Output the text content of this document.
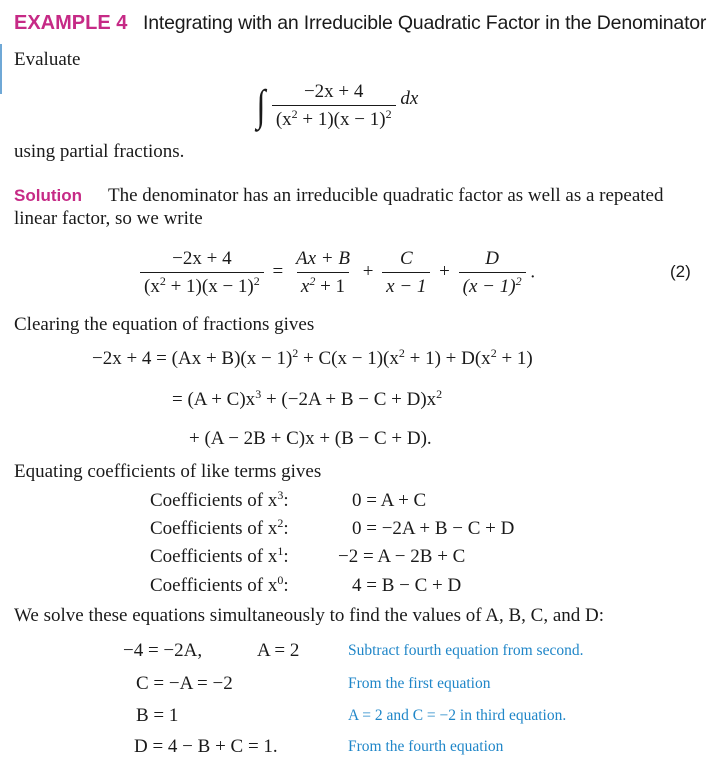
EXAMPLE 4 Integrating with an Irreducible Quadratic Factor in the Denominator
Evaluate
∫ $\frac{-2x + 4}{(x^2 + 1)(x - 1)^2}$ dx
using partial fractions.
Solution The denominator has an irreducible quadratic factor as well as a repeated
linear factor, so we write
$\frac{-2x + 4}{(x^2 + 1)(x - 1)^2} = \frac{Ax + B}{x^2 + 1} + \frac{C}{x - 1} + \frac{D}{(x - 1)^2}$ .	(2)
Clearing the equation of fractions gives
$-2x + 4 = (Ax + B)(x - 1)^2 + C(x - 1)(x^2 + 1) + D(x^2 + 1)$
= $(A + C)x^3 + (-2A + B - C + D)x^2$
+ (A − 2B + C)x + (B − C + D).
Equating coefficients of like terms gives
Coefficients of $x^3$:	0 = A + C
Coefficients of $x^2$:	0 = −2A + B − C + D
Coefficients of $x^1$:	−2 = A − 2B + C
Coefficients of $x^0$:	4 = B − C + D
We solve these equations simultaneously to find the values of A, B, C, and D:
−4 = −2A,	A = 2	Subtract fourth equation from second.
C = −A = −2	From the first equation
B = 1	A = 2 and C = −2 in third equation.
D = 4 − B + C = 1.	From the fourth equation
